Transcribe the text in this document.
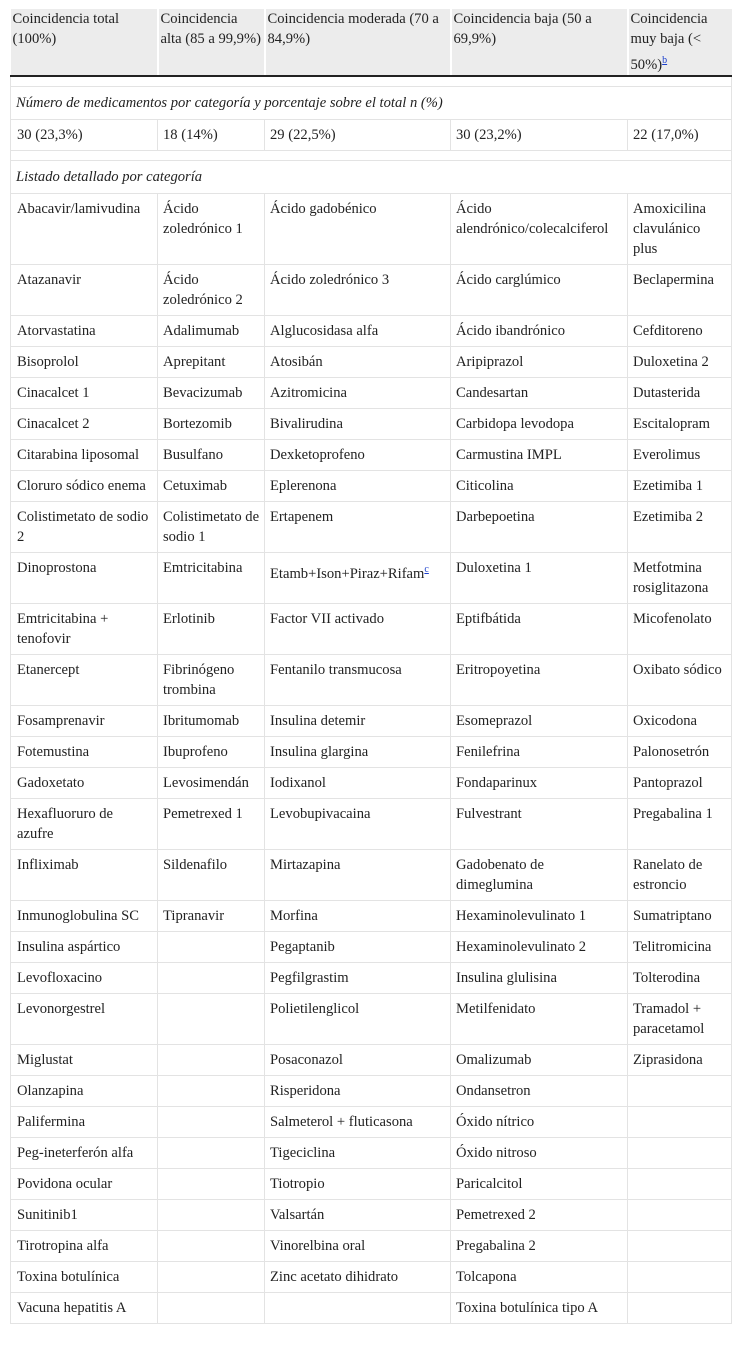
Coincidencia total (100%)	Coincidencia alta (85 a 99,9%)	Coincidencia moderada (70 a 84,9%)	Coincidencia baja (50 a 69,9%)	Coincidencia muy baja (< 50%)$^b$

Número de medicamentos por categoría y porcentaje sobre el total n (%)				
30 (23,3%)	18 (14%)	29 (22,5%)	30 (23,2%)	22 (17,0%)

Listado detallado por categoría				
Abacavir/lamivudina	Ácido zoledrónico 1	Ácido gadobénico	Ácido alendrónico/colecalciferol	Amoxicilina clavulánico plus
Atazanavir	Ácido zoledrónico 2	Ácido zoledrónico 3	Ácido carglúmico	Beclapermina
Atorvastatina	Adalimumab	Alglucosidasa alfa	Ácido ibandrónico	Cefditoreno
Bisoprolol	Aprepitant	Atosibán	Aripiprazol	Duloxetina 2
Cinacalcet 1	Bevacizumab	Azitromicina	Candesartan	Dutasterida
Cinacalcet 2	Bortezomib	Bivalirudina	Carbidopa levodopa	Escitalopram
Citarabina liposomal	Busulfano	Dexketoprofeno	Carmustina IMPL	Everolimus
Cloruro sódico enema	Cetuximab	Eplerenona	Citicolina	Ezetimiba 1
Colistimetato de sodio 2	Colistimetato de sodio 1	Ertapenem	Darbepoetina	Ezetimiba 2
Dinoprostona	Emtricitabina	Etamb+Ison+Piraz+Rifam$^c$	Duloxetina 1	Metfotmina rosiglitazona
Emtricitabina + tenofovir	Erlotinib	Factor VII activado	Eptifbátida	Micofenolato
Etanercept	Fibrinógeno trombina	Fentanilo transmucosa	Eritropoyetina	Oxibato sódico
Fosamprenavir	Ibritumomab	Insulina detemir	Esomeprazol	Oxicodona
Fotemustina	Ibuprofeno	Insulina glargina	Fenilefrina	Palonosetrón
Gadoxetato	Levosimendán	Iodixanol	Fondaparinux	Pantoprazol
Hexafluoruro de azufre	Pemetrexed 1	Levobupivacaina	Fulvestrant	Pregabalina 1
Infliximab	Sildenafilo	Mirtazapina	Gadobenato de dimeglumina	Ranelato de estroncio
Inmunoglobulina SC	Tipranavir	Morfina	Hexaminolevulinato 1	Sumatriptano
Insulina aspártico		Pegaptanib	Hexaminolevulinato 2	Telitromicina
Levofloxacino		Pegfilgrastim	Insulina glulisina	Tolterodina
Levonorgestrel		Polietilenglicol	Metilfenidato	Tramadol + paracetamol
Miglustat		Posaconazol	Omalizumab	Ziprasidona
Olanzapina		Risperidona	Ondansetron	
Palifermina		Salmeterol + fluticasona	Óxido nítrico	
Peg-ineterferón alfa		Tigeciclina	Óxido nitroso	
Povidona ocular		Tiotropio	Paricalcitol	
Sunitinib1		Valsartán	Pemetrexed 2	
Tirotropina alfa		Vinorelbina oral	Pregabalina 2	
Toxina botulínica		Zinc acetato dihidrato	Tolcapona	
Vacuna hepatitis A			Toxina botulínica tipo A	
